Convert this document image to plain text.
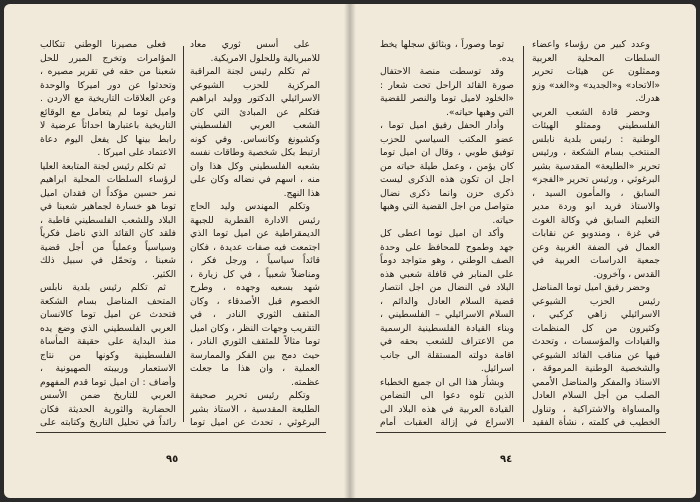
على أسس ثوري معاد للامبريالية وللحلول الامريكية.

ثم تكلم رئيس لجنة المراقبة المركزية للحزب الشيوعي الاسرائيلي الدكتور ووليد ابراهيم فتكلم عن المبادئ التي كان الشعب العربي الفلسطيني وكشيونغ وكانساس. وفي كونه ارتبط بكل شخصية وطاقات نفسه بشعبه الفلسطيني وكل هذا وان منه ، اسهم في نضاله وكان على هذا النهج.

وتكلم المهندس وليد الحاج رئيس الادارة القطرية للجبهة الديمقراطية عن اميل توما الذي اجتمعت فيه صفات عديدة ، فكان قائداً سياسياً ، ورجل فكر ، ومناضلاً شعبياً ، في كل زيارة ، شهد بسعيه وجهده ، وطرح الخصوم قبل الأصدقاء ، وكان المثقف الثوري النادر ، في التقريب وجهات النظر ، وكان اميل توما مثالاً للمثقف الثوري النادر ، حيث دمج بين الفكر والممارسة العملية ، وان هذا ما جعلت عظمته.

وتكلم رئيس تحرير صحيفة الطليعة المقدسية ، الاستاذ بشير البرغوثي ، تحدث عن اميل توما

فعلى مصيرنا الوطني تتكالب المؤامرات وتخرج المبرر للحل شعبنا من حقه في تقرير مصيره ، وتحدثوا عن دور اميركا والوحدة وعن العلاقات التاريخية مع الاردن . واميل توما لم يتعامل مع الوقائع التاريخية باعتبارها احداثاً عرضية لا رابط بينها كل يفعل اليوم دعاة الاعتماد على اميركا .

ثم تكلم رئيس لجنة المتابعة العليا لرؤساء السلطات المحلية ابراهيم نمر حسين مؤكداً ان فقدان اميل توما هو خسارة لجماهير شعبنا في البلاد وللشعب الفلسطيني قاطبة ، فلقد كان القائد الذي ناضل فكرياً وسياسياً وعملياً من أجل قضية شعبنا ، وتحمّل في سبيل ذلك الكثير.

ثم تكلم رئيس بلدية نابلس المتحف المناضل بسام الشكعة فتحدث عن اميل توما كالانسان العربي الفلسطيني الذي وضع يده منذ البداية على حقيقة المأساة الفلسطينية وكونها من نتاج الاستعمار وربيبته الصهيونية ، وأضاف : ان اميل توما قدم المفهوم العربي للتاريخ ضمن الأسس الحضارية والثورية الحديثة فكان رائداً في تحليل التاريخ وكتابته على

٩٥

وعدد كبير من رؤساء واعضاء السلطات المحلية العربية وممثلون عن هيئات تحرير «الاتحاد» و«الجديد» و«الغد» وزو هدرك.

وحضر قادة الشعب العربي الفلسطيني وممثلو الهيئات الوطنية : رئيس بلدية نابلس المنتخب بسام الشكعة ، ورئيس تحرير «الطليعة» المقدسية بشير البرغوثي ، ورئيس تحرير «الفجر» السابق ، والمأمون السيد ، والاستاذ فريد ابو وردة مدير التعليم السابق في وكالة الغوث في غزة ، ومندوبو عن نقابات العمال في الضفة الغربية وعن جمعية الدراسات العربية في القدس ، وآخرون.

وحضر رفيق اميل توما المناضل رئيس الحزب الشيوعي الاسرائيلي زاهي كركبي ، وكثيرون من كل المنظمات والقيادات والمؤسسات ، وتحدث فيها عن مناقب القائد الشيوعي والشخصية الوطنية المرموقة ، الاستاذ والمفكر والمناضل الأممي الصلب من أجل السلام العادل والمساواة والاشتراكية ، وتناول الخطيب في كلمته ، نشأة الفقيد

توما وصوراً ، وبثائق سجلها يخط يده.

وقد توسطت منصة الاحتفال صورة القائد الراحل تحت شعار : «الخلود لاميل توما والنصر للقضية التي وهبها حياته».

وأدار الحفل رفيق اميل توما ، عضو المكتب السياسي للحزب توفيق طوبي ، وقال ان اميل توما كان يؤمن ، وعمل طيلة حياته من اجل ان تكون هذه الذكرى ليست ذكرى حزن وانما ذكرى نضال متواصل من اجل القضية التي وهبها حياته.

وأكد ان اميل توما اعطى كل جهد وطموح للمحافظ على وحدة الصف الوطني ، وهو متواجد دوماً على المنابر في قافلة شعبي هذه البلاد في النضال من اجل انتصار قضية السلام العادل والدائم ، السلام الاسرائيلي – الفلسطيني ، وبناء القيادة الفلسطينية الرسمية من الاعتراف للشعب بحقه في اقامة دولته المستقلة الى جانب اسرائيل.

وبشأر هذا الى ان جميع الخطباء الذين تلوه دعوا الى التضامن القيادة العربية في هذه البلاد الى الاسراع في إزالة العقبات أمام

٩٤
